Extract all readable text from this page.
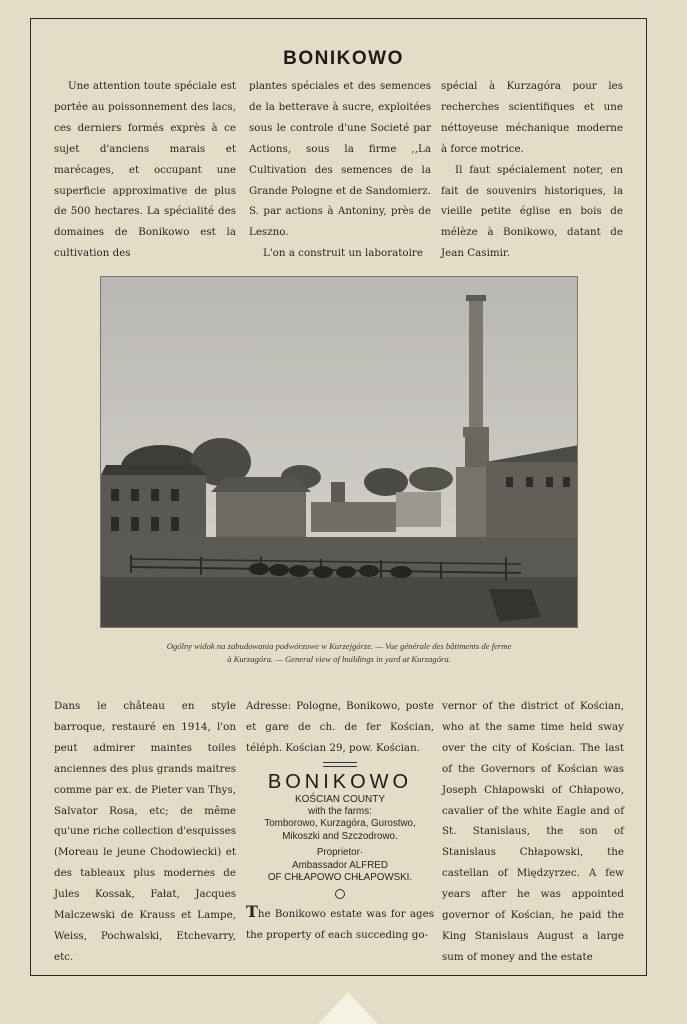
BONIKOWO

Une attention toute spéciale est portée au poissonnement des lacs, ces derniers formés exprès à ce sujet d'anciens marais et marécages, et occupant une superficie approximative de plus de 500 hectares. La spécialité des domaines de Bonikowo est la cultivation des

plantes spéciales et des semences de la betterave à sucre, exploitées sous le controle d'une Societé par Actions, sous la firme ,,La Cultivation des semences de la Grande Pologne et de Sandomierz. S. par actions à Antoniny, près de Leszno.

L'on a construit un laboratoire

spécial à Kurzagóra pour les recherches scientifiques et une néttoyeuse méchanique moderne à force motrice.

Il faut spécialement noter, en fait de souvenirs historiques, la vieille petite église en bois de mélèze à Bonikowo, datant de Jean Casimir.

Ogólny widok na zabudowania podwórzowe w Kurzejgórze. — Vue générale des bâtiments de ferme
à Kurzagóra. — General view of buildings in yard at Kurzagóra.

Dans le château en style barroque, restauré en 1914, l'on peut admirer maintes toiles anciennes des plus grands maitres comme par ex. de Pieter van Thys, Salvator Rosa, etc; de même qu'une riche collection d'esquisses (Moreau le jeune Chodowiecki) et des tableaux plus modernes de Jules Kossak, Fałat, Jacques Malczewski de Krauss et Lampe, Weiss, Pochwalski, Etchevarry, etc.

Adresse: Pologne, Bonikowo, poste et gare de ch. de fer Kościan, téléph. Kościan 29, pow. Kościan.
BONIKOWO
KOŚCIAN COUNTY
with the farms:
Tomborowo, Kurzagóra, Gurostwo, Mikoszki and Szczodrowo.
Proprietor·
Ambassador ALFRED
OF CHŁAPOWO CHŁAPOWSKI.
The Bonikowo estate was for ages the property of each succeding go-

vernor of the district of Kościan, who at the same time held sway over the city of Kościan. The last of the Governors of Kościan was Joseph Chłapowski of Chłapowo, cavalier of the white Eagle and of St. Stanislaus, the son of Stanislaus Chłapowski, the castellan of Międzyrzec. A few years after he was appointed governor of Kościan, he paid the King Stanislaus August a large sum of money and the estate
